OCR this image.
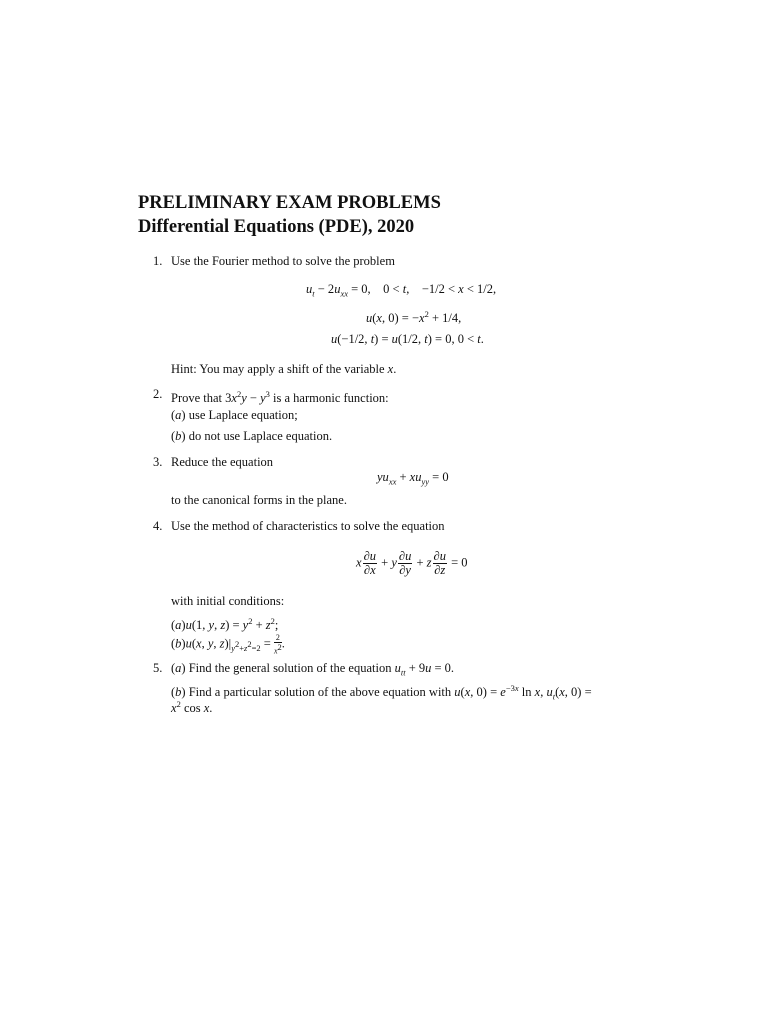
PRELIMINARY EXAM PROBLEMS
Differential Equations (PDE), 2020
1. Use the Fourier method to solve the problem
$u_t - 2u_{xx} = 0$,    0 < t,    −1/2 < x < 1/2,
u(x, $0) = -x^2 + 1/4$,
u(−1/2, t) = u(1/2, t) = 0, 0 < t.
Hint: You may apply a shift of the variable x.
2. Prove that $3x^2y - y^3$ is a harmonic function:
(a) use Laplace equation;
(b) do not use Laplace equation.
3. Reduce the equation
$yu_{xx} + xu_{yy} = 0$
to the canonical forms in the plane.
4. Use the method of characteristics to solve the equation
x $\frac{\partial u}{\partial x} + y \frac{\partial u}{\partial y} + z \frac{\partial u}{\partial z} = 0$
with initial conditions:
(a)u(1, y, $z) = y^2 + z^2$;
(b)u(x, y, $z)|_{y^2+z^2=2} = \frac{2}{x^2}$ .
5. (a) Find the general solution of the equation $u_{tt} + 9u = 0$.
(b) Find a particular solution of the above equation with u(x, $0) = e^{-3x}$ ln x, $u_t(x$, 0) =
$x^2$ cos x.
